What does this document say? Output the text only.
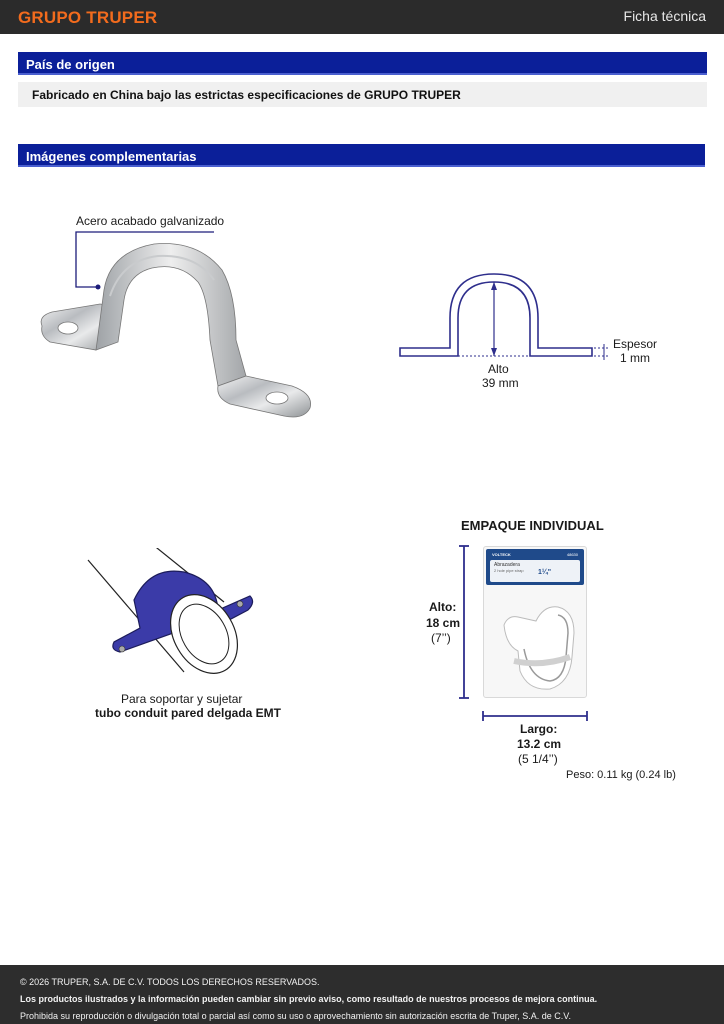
GRUPO TRUPER	Ficha técnica
País de origen
Fabricado en China bajo las estrictas especificaciones de GRUPO TRUPER
Imágenes complementarias
Acero acabado galvanizado
Espesor
1 mm
Alto
39 mm
Para soportar y sujetar
tubo conduit pared delgada EMT
EMPAQUE INDIVIDUAL
VOLTECK	48630
Abrazadera
2 hole pipe strap 1¼"
Alto:
18 cm
(7’’)
Largo:
13.2 cm
(5 1/4’’)
Peso: 0.11 kg (0.24 lb)
© 2026 TRUPER, S.A. DE C.V. TODOS LOS DERECHOS RESERVADOS.
Los productos ilustrados y la información pueden cambiar sin previo aviso, como resultado de nuestros procesos de mejora continua.
Prohibida su reproducción o divulgación total o parcial así como su uso o aprovechamiento sin autorización escrita de Truper, S.A. de C.V.
